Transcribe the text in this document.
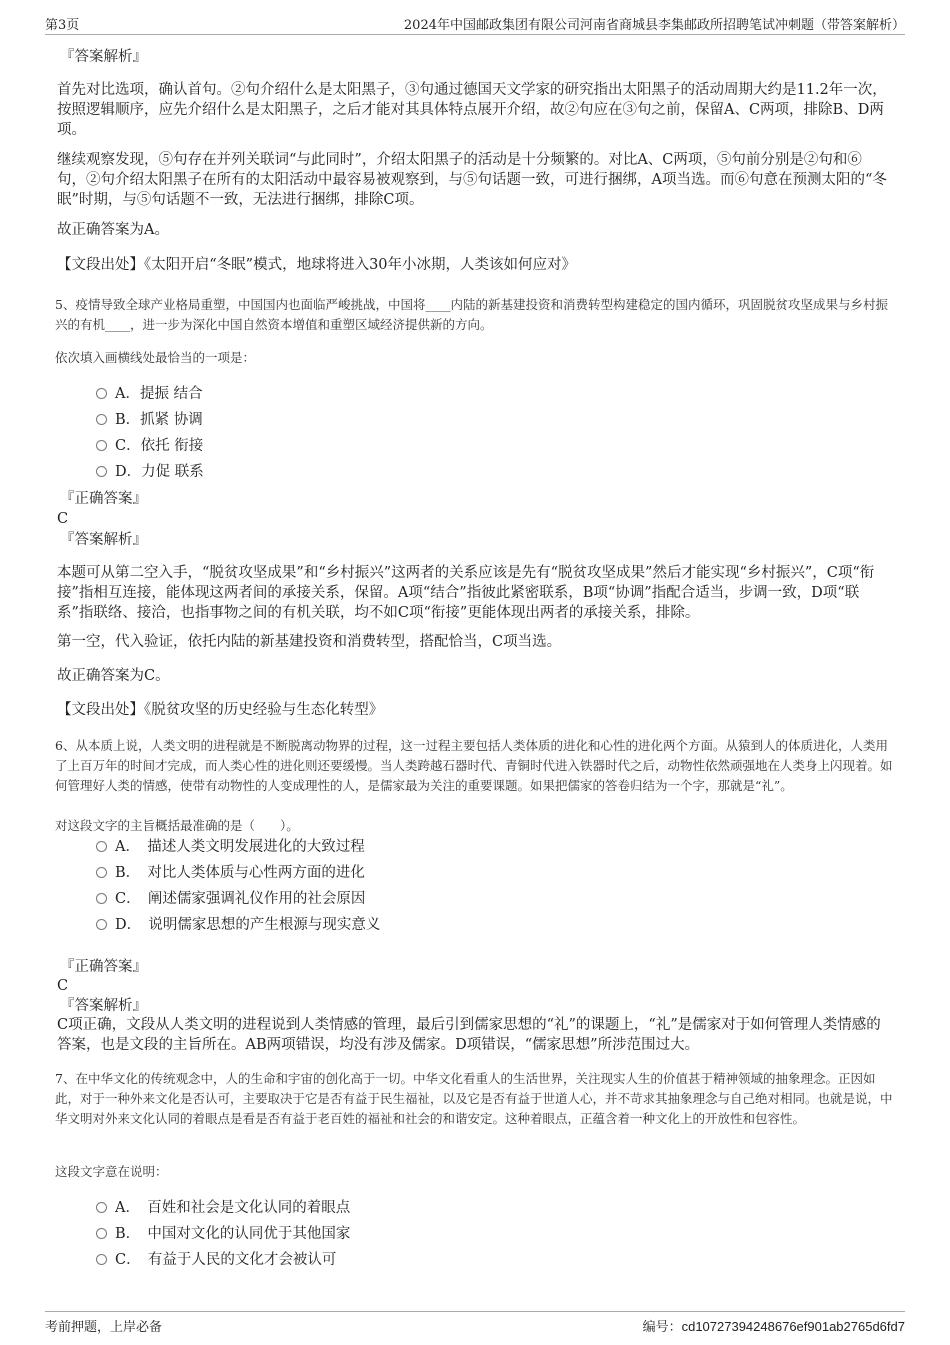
第3页	2024年中国邮政集团有限公司河南省商城县李集邮政所招聘笔试冲刺题（带答案解析）
『答案解析』

首先对比选项，确认首句。②句介绍什么是太阳黑子，③句通过德国天文学家的研究指出太阳黑子的活动周期大约是11.2年一次，按照逻辑顺序，应先介绍什么是太阳黑子，之后才能对其具体特点展开介绍，故②句应在③句之前，保留A、C两项，排除B、D两项。

继续观察发现，⑤句存在并列关联词“与此同时”，介绍太阳黑子的活动是十分频繁的。对比A、C两项，⑤句前分别是②句和⑥句，②句介绍太阳黑子在所有的太阳活动中最容易被观察到，与⑤句话题一致，可进行捆绑，A项当选。而⑥句意在预测太阳的“冬眠”时期，与⑤句话题不一致，无法进行捆绑，排除C项。

故正确答案为A。

【文段出处】《太阳开启“冬眠”模式，地球将进入30年小冰期，人类该如何应对》

5、疫情导致全球产业格局重塑，中国国内也面临严峻挑战，中国将____内陆的新基建投资和消费转型构建稳定的国内循环，巩固脱贫攻坚成果与乡村振兴的有机____，进一步为深化中国自然资本增值和重塑区域经济提供新的方向。

依次填入画横线处最恰当的一项是：

A．提振 结合
B．抓紧 协调
C．依托 衔接
D．力促 联系
『正确答案』
C
『答案解析』

本题可从第二空入手，“脱贫攻坚成果”和“乡村振兴”这两者的关系应该是先有“脱贫攻坚成果”然后才能实现“乡村振兴”，C项“衔接”指相互连接，能体现这两者间的承接关系，保留。A项“结合”指彼此紧密联系，B项“协调”指配合适当，步调一致，D项“联系”指联络、接洽，也指事物之间的有机关联，均不如C项“衔接”更能体现出两者的承接关系，排除。

第一空，代入验证，依托内陆的新基建投资和消费转型，搭配恰当，C项当选。

故正确答案为C。

【文段出处】《脱贫攻坚的历史经验与生态化转型》

6、从本质上说，人类文明的进程就是不断脱离动物界的过程，这一过程主要包括人类体质的进化和心性的进化两个方面。从猿到人的体质进化，人类用了上百万年的时间才完成，而人类心性的进化则还要缓慢。当人类跨越石器时代、青铜时代进入铁器时代之后，动物性依然顽强地在人类身上闪现着。如何管理好人类的情感，使带有动物性的人变成理性的人，是儒家最为关注的重要课题。如果把儒家的答卷归结为一个字，那就是“礼”。

对这段文字的主旨概括最准确的是（　　）。

A．　描述人类文明发展进化的大致过程
B．　对比人类体质与心性两方面的进化
C．　阐述儒家强调礼仪作用的社会原因
D．　说明儒家思想的产生根源与现实意义
『正确答案』
C
『答案解析』

C项正确，文段从人类文明的进程说到人类情感的管理，最后引到儒家思想的“礼”的课题上，“礼”是儒家对于如何管理人类情感的答案，也是文段的主旨所在。AB两项错误，均没有涉及儒家。D项错误，“儒家思想”所涉范围过大。

7、在中华文化的传统观念中，人的生命和宇宙的创化高于一切。中华文化看重人的生活世界，关注现实人生的价值甚于精神领域的抽象理念。正因如此，对于一种外来文化是否认可，主要取决于它是否有益于民生福祉，以及它是否有益于世道人心，并不苛求其抽象理念与自己绝对相同。也就是说，中华文明对外来文化认同的着眼点是看是否有益于老百姓的福祉和社会的和谐安定。这种着眼点，正蕴含着一种文化上的开放性和包容性。

这段文字意在说明：

A．　百姓和社会是文化认同的着眼点
B．　中国对文化的认同优于其他国家
C．　有益于人民的文化才会被认可
考前押题，上岸必备	编号：cd10727394248676ef901ab2765d6fd7
